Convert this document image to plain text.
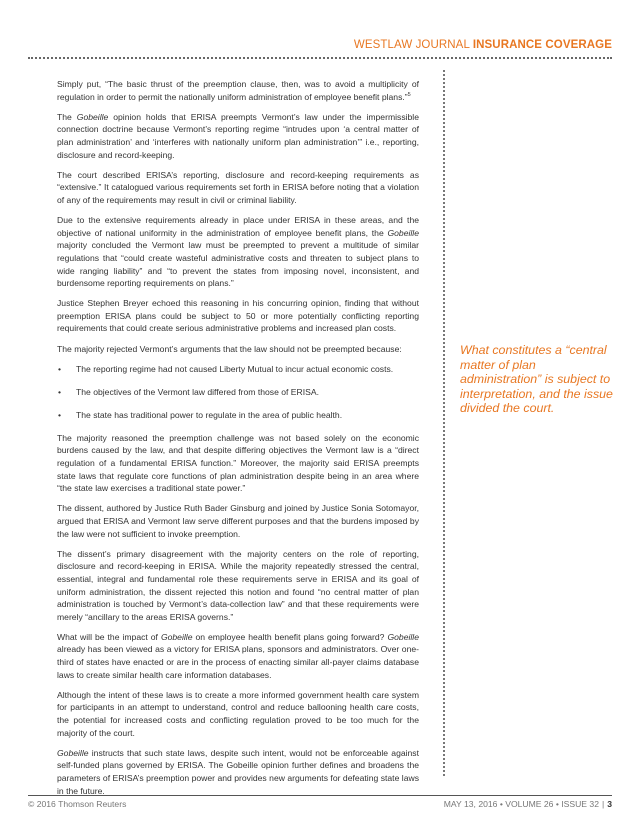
WESTLAW JOURNAL INSURANCE COVERAGE

Simply put, “The basic thrust of the preemption clause, then, was to avoid a multiplicity of regulation in order to permit the nationally uniform administration of employee benefit plans.”$^5$

The Gobeille opinion holds that ERISA preempts Vermont’s law under the impermissible connection doctrine because Vermont’s reporting regime “intrudes upon ‘a central matter of plan administration’ and ‘interferes with nationally uniform plan administration’” i.e., reporting, disclosure and record-keeping.

The court described ERISA’s reporting, disclosure and record-keeping requirements as “extensive.” It catalogued various requirements set forth in ERISA before noting that a violation of any of the requirements may result in civil or criminal liability.

Due to the extensive requirements already in place under ERISA in these areas, and the objective of national uniformity in the administration of employee benefit plans, the Gobeille majority concluded the Vermont law must be preempted to prevent a multitude of similar regulations that “could create wasteful administrative costs and threaten to subject plans to wide ranging liability” and “to prevent the states from imposing novel, inconsistent, and burdensome reporting requirements on plans.”

Justice Stephen Breyer echoed this reasoning in his concurring opinion, finding that without preemption ERISA plans could be subject to 50 or more potentially conflicting reporting requirements that could create serious administrative problems and increased plan costs.

The majority rejected Vermont’s arguments that the law should not be preempted because:

• The reporting regime had not caused Liberty Mutual to incur actual economic costs.
• The objectives of the Vermont law differed from those of ERISA.
• The state has traditional power to regulate in the area of public health.

The majority reasoned the preemption challenge was not based solely on the economic burdens caused by the law, and that despite differing objectives the Vermont law is a “direct regulation of a fundamental ERISA function.” Moreover, the majority said ERISA preempts state laws that regulate core functions of plan administration despite being in an area where “the state law exercises a traditional state power.”

The dissent, authored by Justice Ruth Bader Ginsburg and joined by Justice Sonia Sotomayor, argued that ERISA and Vermont law serve different purposes and that the burdens imposed by the law were not sufficient to invoke preemption.

The dissent’s primary disagreement with the majority centers on the role of reporting, disclosure and record-keeping in ERISA. While the majority repeatedly stressed the central, essential, integral and fundamental role these requirements serve in ERISA and its goal of uniform administration, the dissent rejected this notion and found “no central matter of plan administration is touched by Vermont’s data-collection law” and that these requirements were merely “ancillary to the areas ERISA governs.”

What will be the impact of Gobeille on employee health benefit plans going forward? Gobeille already has been viewed as a victory for ERISA plans, sponsors and administrators. Over one-third of states have enacted or are in the process of enacting similar all-payer claims database laws to create similar health care information databases.

Although the intent of these laws is to create a more informed government health care system for participants in an attempt to understand, control and reduce ballooning health care costs, the potential for increased costs and conflicting regulation proved to be too much for the majority of the court.

Gobeille instructs that such state laws, despite such intent, would not be enforceable against self-funded plans governed by ERISA. The Gobeille opinion further defines and broadens the parameters of ERISA’s preemption power and provides new arguments for defeating state laws in the future.

What constitutes a “central matter of plan administration” is subject to interpretation, and the issue divided the court.
© 2016 Thomson Reuters	MAY 13, 2016 • VOLUME 26 • ISSUE 32 | 3
